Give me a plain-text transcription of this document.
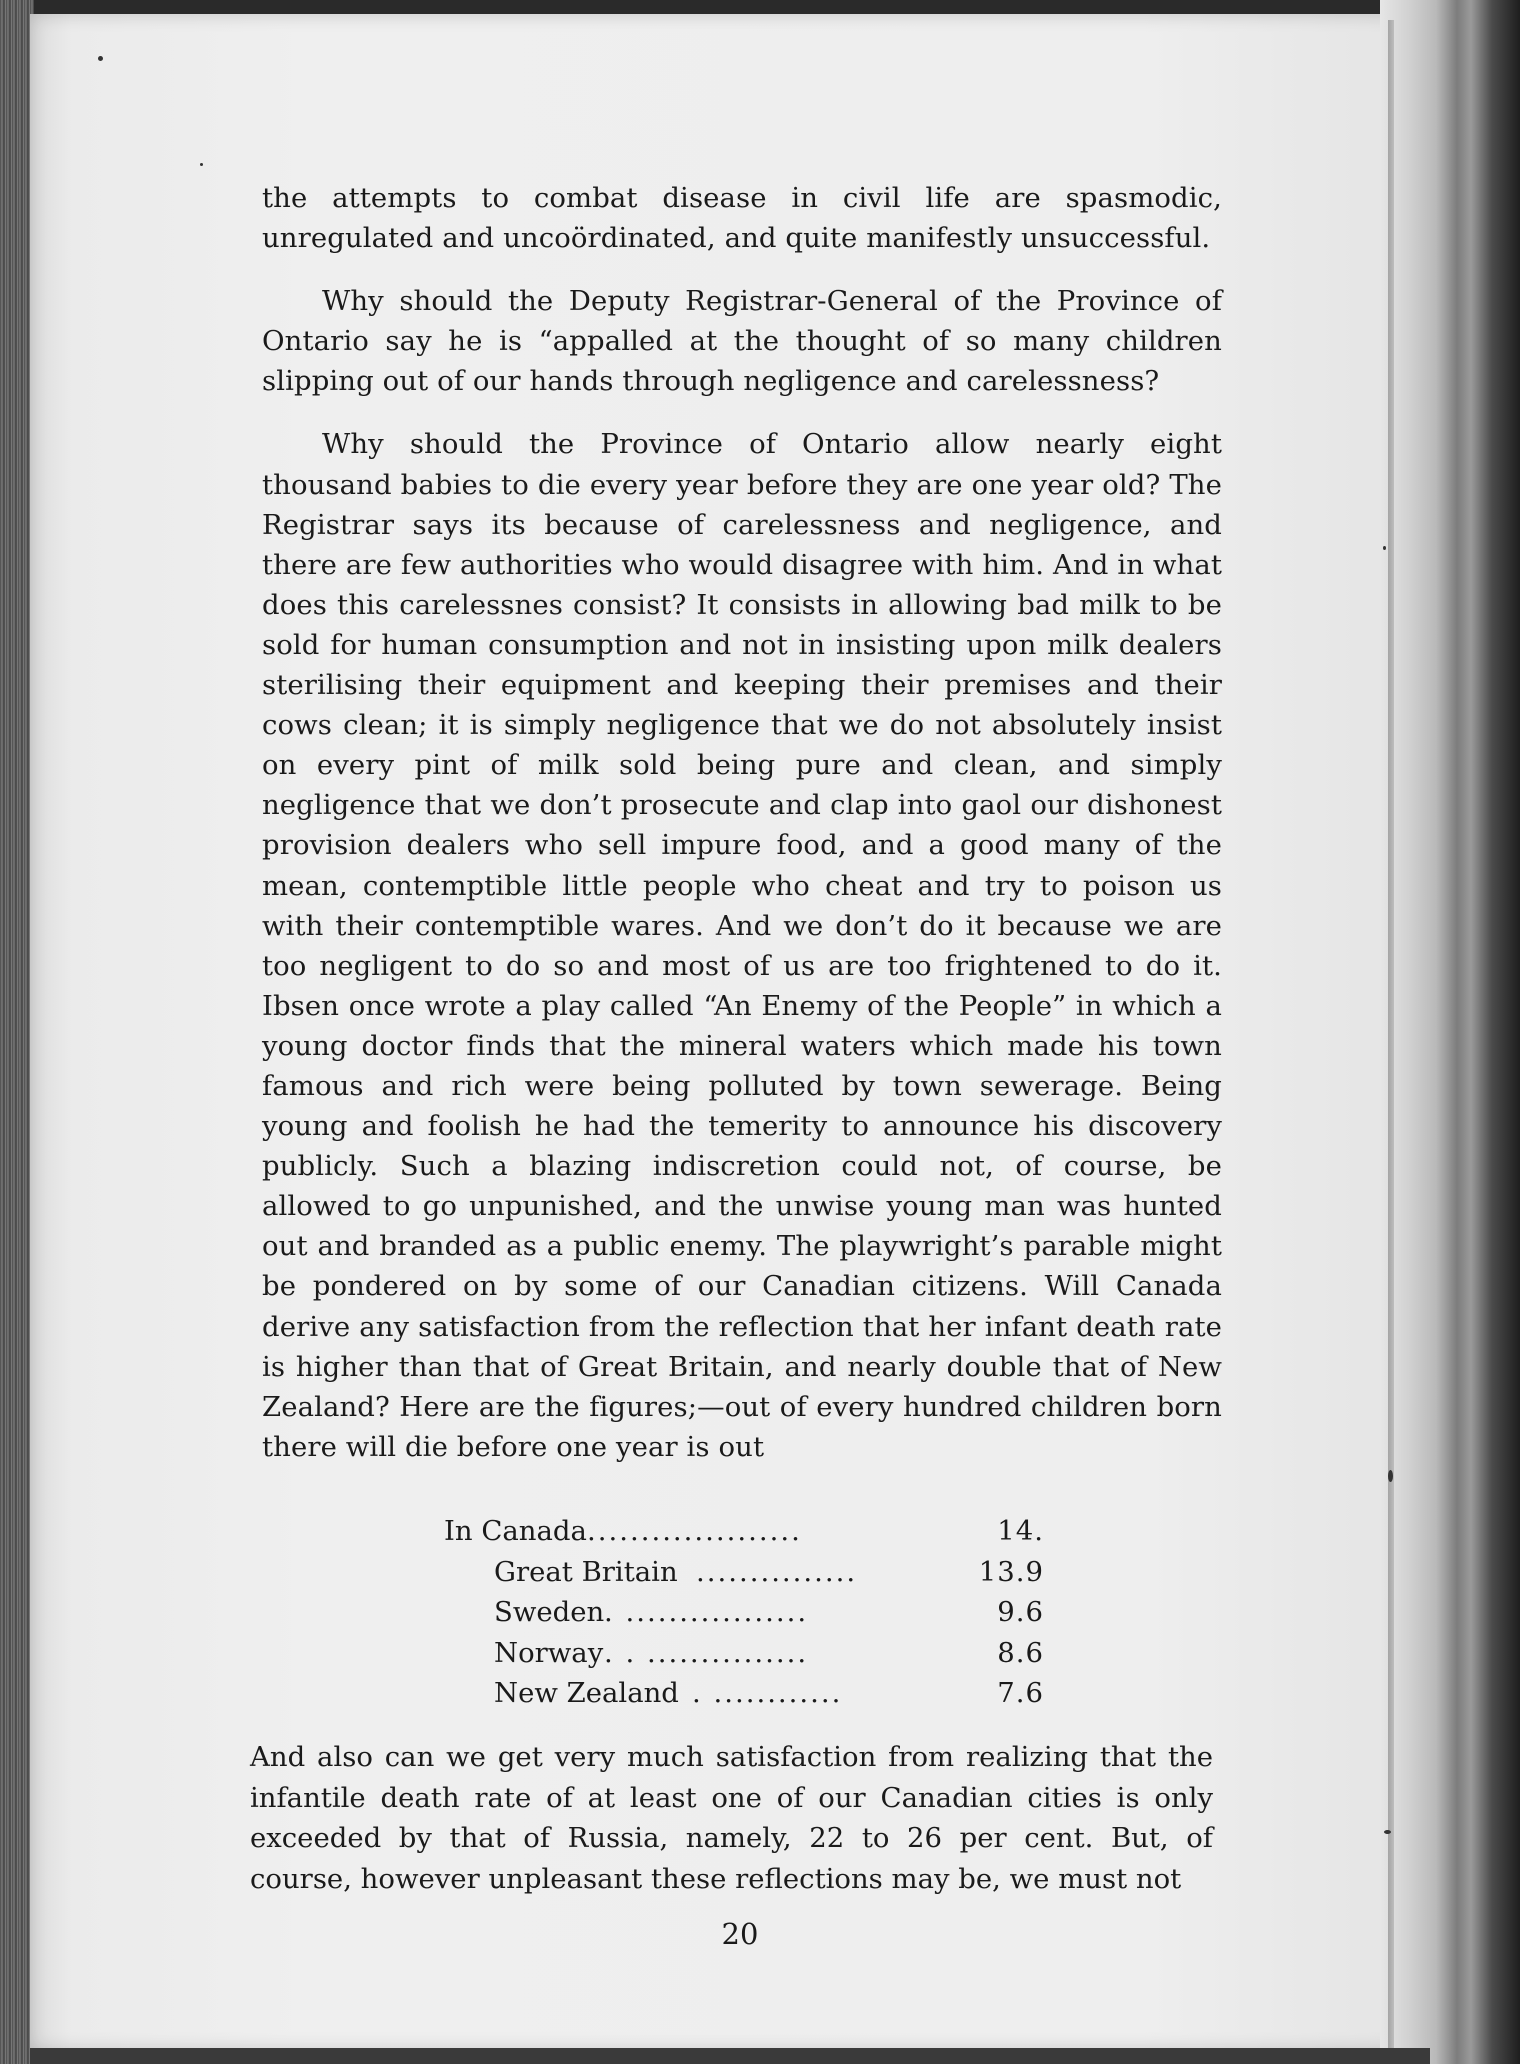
the attempts to combat disease in civil life are spasmodic, unregulated and uncoördinated, and quite manifestly unsuccessful.

Why should the Deputy Registrar-General of the Province of Ontario say he is “appalled at the thought of so many children slipping out of our hands through negligence and carelessness?

Why should the Province of Ontario allow nearly eight thousand babies to die every year before they are one year old? The Registrar says its because of carelessness and negligence, and there are few authorities who would disagree with him. And in what does this carelessnes consist? It consists in allowing bad milk to be sold for human consumption and not in insisting upon milk dealers sterilising their equipment and keeping their premises and their cows clean; it is simply negligence that we do not absolutely insist on every pint of milk sold being pure and clean, and simply negligence that we don’t prosecute and clap into gaol our dishonest provision dealers who sell impure food, and a good many of the mean, contemptible little people who cheat and try to poison us with their contemptible wares. And we don’t do it because we are too negligent to do so and most of us are too frightened to do it. Ibsen once wrote a play called “An Enemy of the People” in which a young doctor finds that the mineral waters which made his town famous and rich were being polluted by town sewerage. Being young and foolish he had the temerity to announce his discovery publicly. Such a blazing indiscretion could not, of course, be allowed to go unpunished, and the unwise young man was hunted out and branded as a public enemy. The playwright’s parable might be pondered on by some of our Canadian citizens. Will Canada derive any satisfaction from the reflection that her infant death rate is higher than that of Great Britain, and nearly double that of New Zealand? Here are the figures;—out of every hundred children born there will die before one year is out

In Canada ....................	14.
Great Britain ...............	13.9
Sweden . .................	9.6
Norway . . ...............	8.6
New Zealand . ............	7.6

And also can we get very much satisfaction from realizing that the infantile death rate of at least one of our Canadian cities is only exceeded by that of Russia, namely, 22 to 26 per cent. But, of course, however unpleasant these reflections may be, we must not

20
